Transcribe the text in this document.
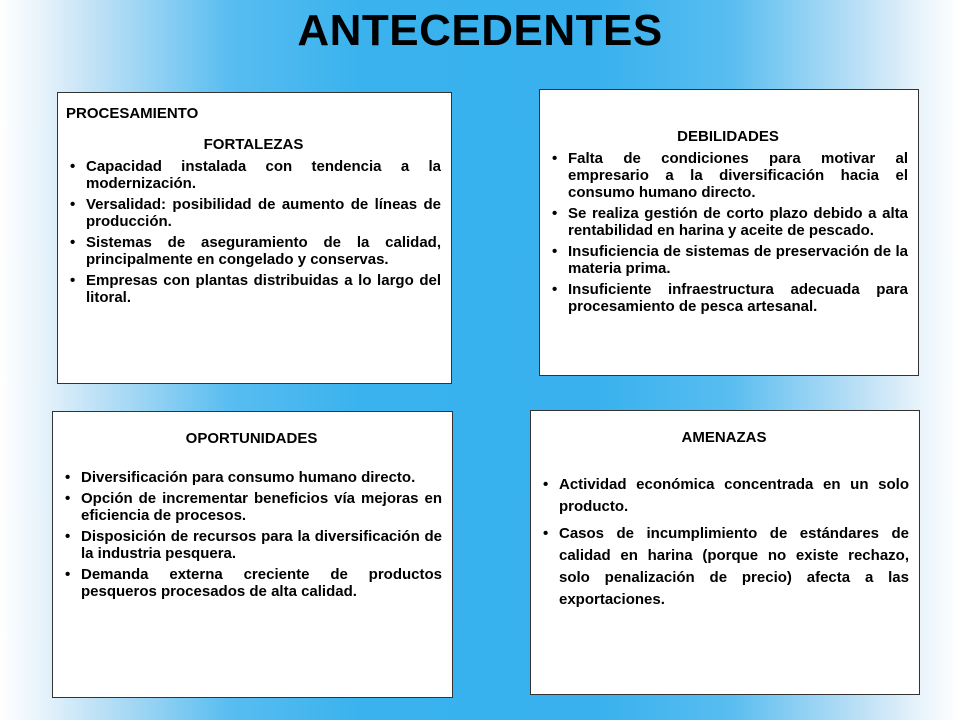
ANTECEDENTES
PROCESAMIENTO
FORTALEZAS
• Capacidad instalada con tendencia a la modernización.
• Versalidad: posibilidad de aumento de líneas de producción.
• Sistemas de aseguramiento de la calidad, principalmente en congelado y conservas.
• Empresas con plantas distribuidas a lo largo del litoral.
DEBILIDADES
• Falta de condiciones para motivar al empresario a la diversificación hacia el consumo humano directo.
• Se realiza gestión de corto plazo debido a alta rentabilidad en harina y aceite de pescado.
• Insuficiencia de sistemas de preservación de la materia prima.
• Insuficiente infraestructura adecuada para procesamiento de pesca artesanal.
OPORTUNIDADES
• Diversificación para consumo humano directo.
• Opción de incrementar beneficios vía mejoras en eficiencia de procesos.
• Disposición de recursos para la diversificación de la industria pesquera.
• Demanda externa creciente de productos pesqueros procesados de alta calidad.
AMENAZAS
• Actividad económica concentrada en un solo producto.
• Casos de incumplimiento de estándares de calidad en harina (porque no existe rechazo, solo penalización de precio) afecta a las exportaciones.
